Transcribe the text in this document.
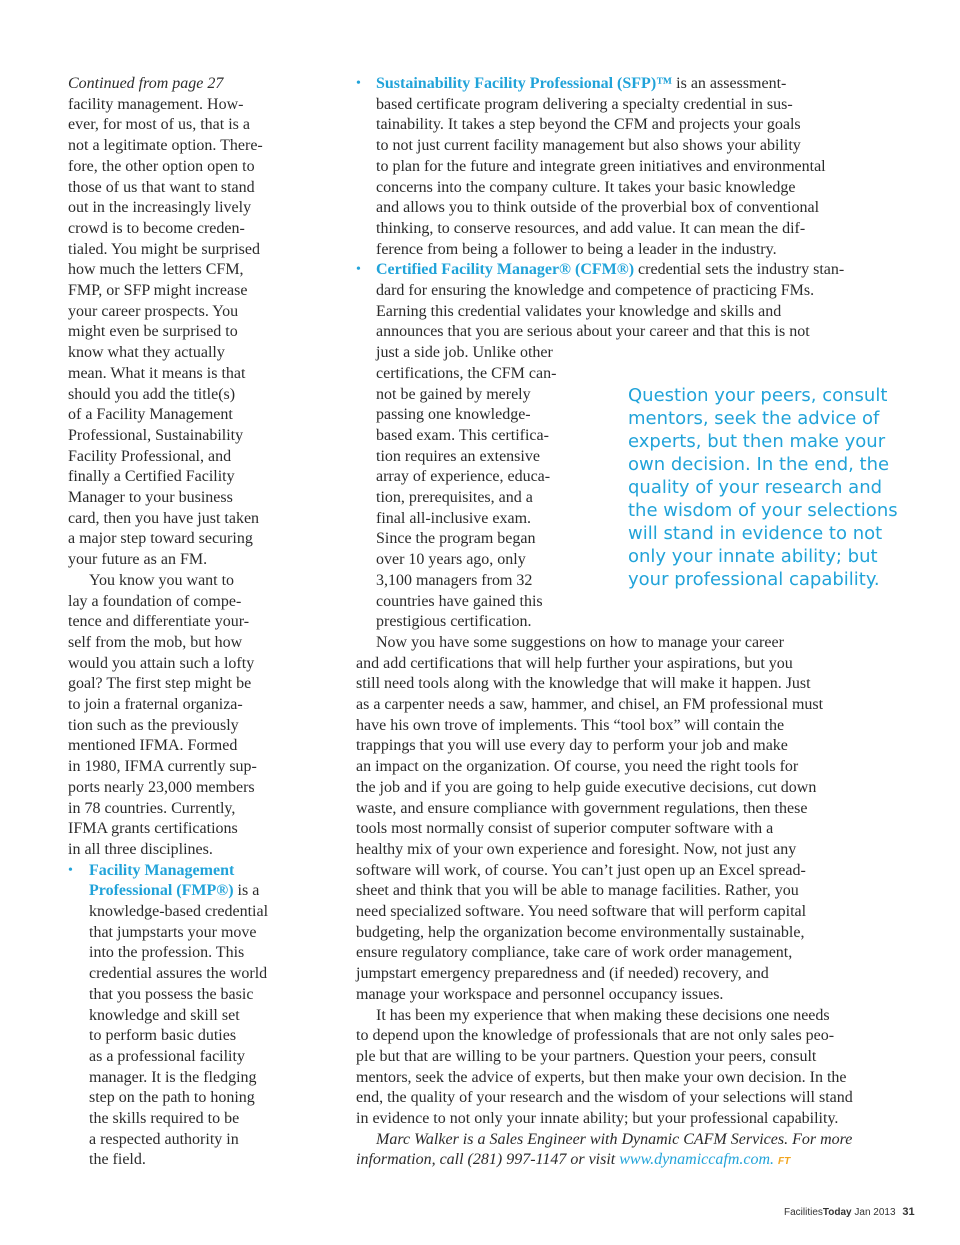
Continued from page 27
facility management. How-
ever, for most of us, that is a
not a legitimate option. There-
fore, the other option open to
those of us that want to stand
out in the increasingly lively
crowd is to become creden-
tialed. You might be surprised
how much the letters CFM,
FMP, or SFP might increase
your career prospects. You
might even be surprised to
know what they actually
mean. What it means is that
should you add the title(s)
of a Facility Management
Professional, Sustainability
Facility Professional, and
finally a Certified Facility
Manager to your business
card, then you have just taken
a major step toward securing
your future as an FM.
You know you want to
lay a foundation of compe-
tence and differentiate your-
self from the mob, but how
would you attain such a lofty
goal? The first step might be
to join a fraternal organiza-
tion such as the previously
mentioned IFMA. Formed
in 1980, IFMA currently sup-
ports nearly 23,000 members
in 78 countries. Currently,
IFMA grants certifications
in all three disciplines.
• Facility Management
Professional (FMP®) is a
knowledge-based credential
that jumpstarts your move
into the profession. This
credential assures the world
that you possess the basic
knowledge and skill set
to perform basic duties
as a professional facility
manager. It is the fledging
step on the path to honing
the skills required to be
a respected authority in
the field.
• Sustainability Facility Professional (SFP)™ is an assessment-
based certificate program delivering a specialty credential in sus-
tainability. It takes a step beyond the CFM and projects your goals
to not just current facility management but also shows your ability
to plan for the future and integrate green initiatives and environmental
concerns into the company culture. It takes your basic knowledge
and allows you to think outside of the proverbial box of conventional
thinking, to conserve resources, and add value. It can mean the dif-
ference from being a follower to being a leader in the industry.
• Certified Facility Manager® (CFM®) credential sets the industry stan-
dard for ensuring the knowledge and competence of practicing FMs.
Earning this credential validates your knowledge and skills and
announces that you are serious about your career and that this is not
just a side job. Unlike other
certifications, the CFM can-
not be gained by merely
passing one knowledge-
based exam. This certifica-
tion requires an extensive
array of experience, educa-
tion, prerequisites, and a
final all-inclusive exam.
Since the program began
over 10 years ago, only
3,100 managers from 32
countries have gained this
prestigious certification.
Now you have some suggestions on how to manage your career
and add certifications that will help further your aspirations, but you
still need tools along with the knowledge that will make it happen. Just
as a carpenter needs a saw, hammer, and chisel, an FM professional must
have his own trove of implements. This “tool box” will contain the
trappings that you will use every day to perform your job and make
an impact on the organization. Of course, you need the right tools for
the job and if you are going to help guide executive decisions, cut down
waste, and ensure compliance with government regulations, then these
tools most normally consist of superior computer software with a
healthy mix of your own experience and foresight. Now, not just any
software will work, of course. You can’t just open up an Excel spread-
sheet and think that you will be able to manage facilities. Rather, you
need specialized software. You need software that will perform capital
budgeting, help the organization become environmentally sustainable,
ensure regulatory compliance, take care of work order management,
jumpstart emergency preparedness and (if needed) recovery, and
manage your workspace and personnel occupancy issues.
It has been my experience that when making these decisions one needs
to depend upon the knowledge of professionals that are not only sales peo-
ple but that are willing to be your partners. Question your peers, consult
mentors, seek the advice of experts, but then make your own decision. In the
end, the quality of your research and the wisdom of your selections will stand
in evidence to not only your innate ability; but your professional capability.
Marc Walker is a Sales Engineer with Dynamic CAFM Services. For more
information, call (281) 997-1147 or visit www.dynamiccafm.com. FT
Question your peers, consult
mentors, seek the advice of
experts, but then make your
own decision. In the end, the
quality of your research and
the wisdom of your selections
will stand in evidence to not
only your innate ability; but
your professional capability.
FacilitiesToday Jan 2013 31
